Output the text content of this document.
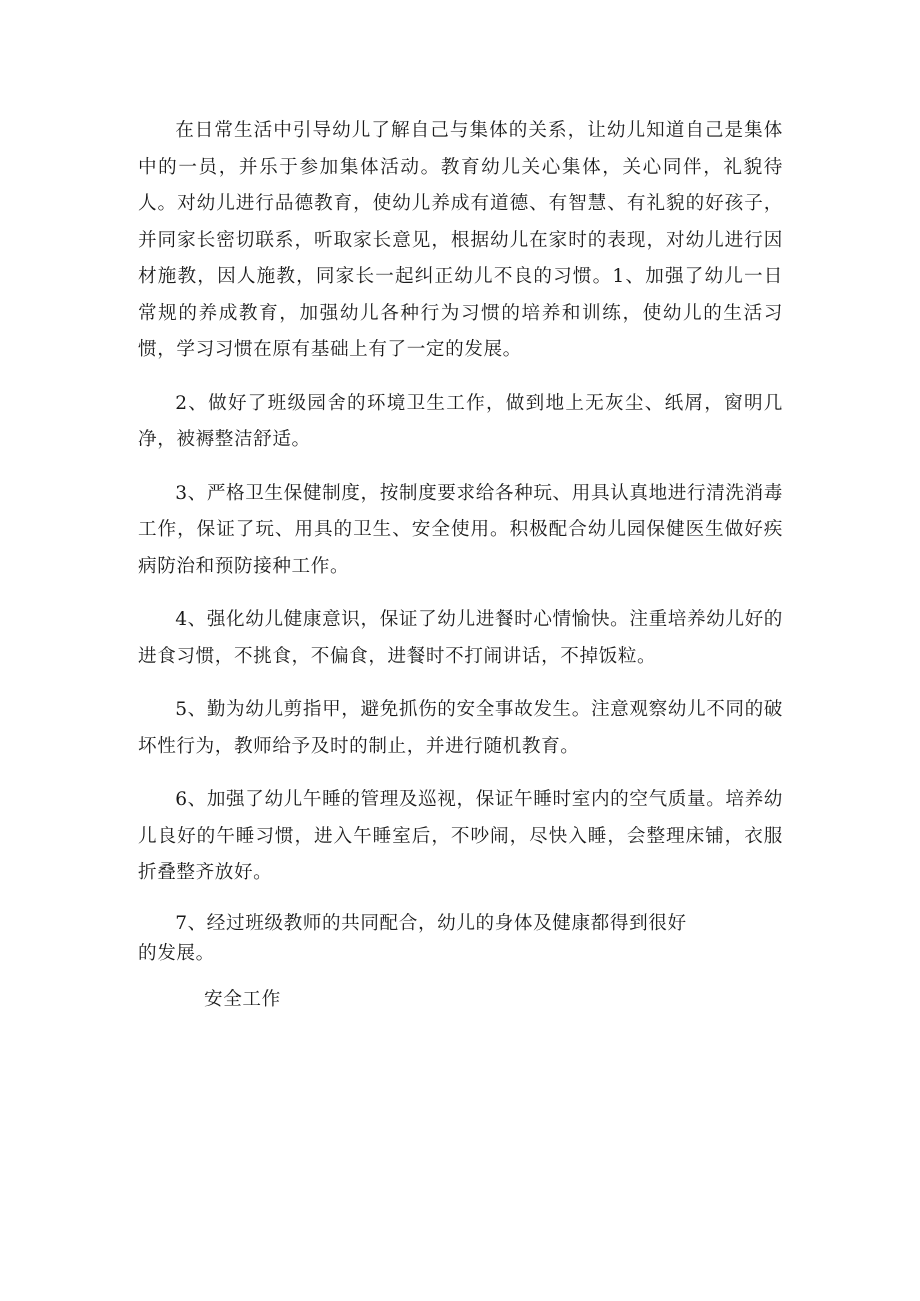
在日常生活中引导幼儿了解自己与集体的关系，让幼儿知道自己是集体中的一员，并乐于参加集体活动。教育幼儿关心集体，关心同伴，礼貌待人。对幼儿进行品德教育，使幼儿养成有道德、有智慧、有礼貌的好孩子，并同家长密切联系，听取家长意见，根据幼儿在家时的表现，对幼儿进行因材施教，因人施教，同家长一起纠正幼儿不良的习惯。1、加强了幼儿一日常规的养成教育，加强幼儿各种行为习惯的培养和训练，使幼儿的生活习惯，学习习惯在原有基础上有了一定的发展。

2、做好了班级园舍的环境卫生工作，做到地上无灰尘、纸屑，窗明几净，被褥整洁舒适。

3、严格卫生保健制度，按制度要求给各种玩、用具认真地进行清洗消毒工作，保证了玩、用具的卫生、安全使用。积极配合幼儿园保健医生做好疾病防治和预防接种工作。

4、强化幼儿健康意识，保证了幼儿进餐时心情愉快。注重培养幼儿好的进食习惯，不挑食，不偏食，进餐时不打闹讲话，不掉饭粒。

5、勤为幼儿剪指甲，避免抓伤的安全事故发生。注意观察幼儿不同的破坏性行为，教师给予及时的制止，并进行随机教育。

6、加强了幼儿午睡的管理及巡视，保证午睡时室内的空气质量。培养幼儿良好的午睡习惯，进入午睡室后，不吵闹，尽快入睡，会整理床铺，衣服折叠整齐放好。

7、经过班级教师的共同配合，幼儿的身体及健康都得到很好
的发展。

安全工作
